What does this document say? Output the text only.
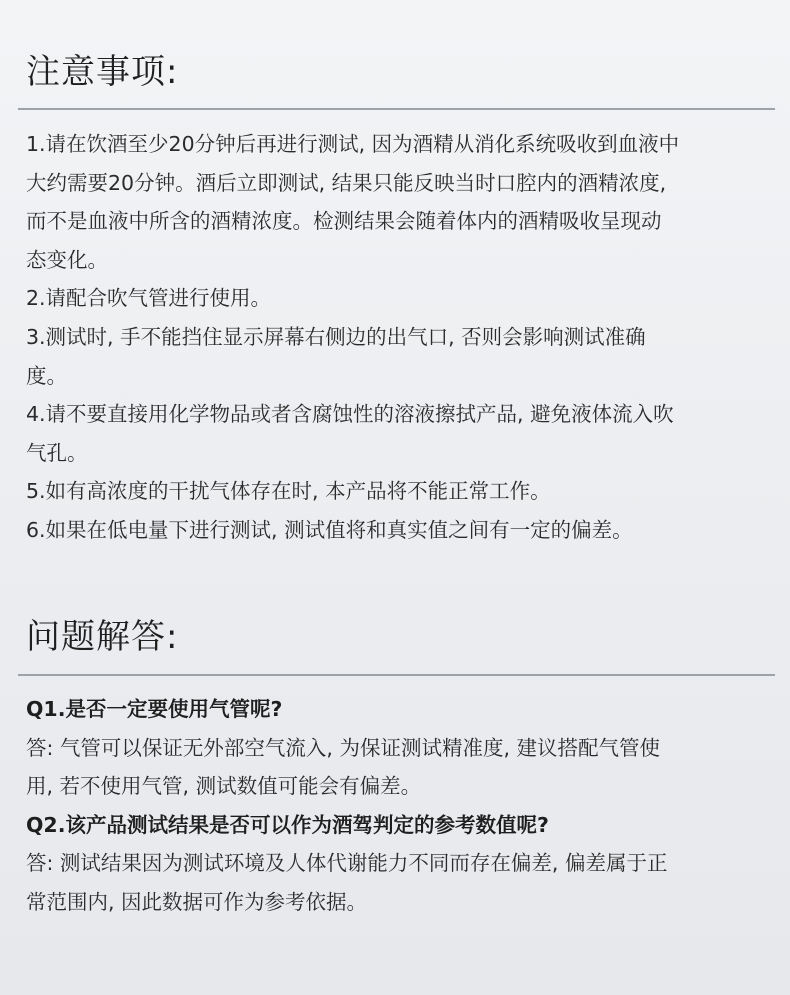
注意事项:
1.请在饮酒至少20分钟后再进行测试, 因为酒精从消化系统吸收到血液中
大约需要20分钟。酒后立即测试, 结果只能反映当时口腔内的酒精浓度,
而不是血液中所含的酒精浓度。检测结果会随着体内的酒精吸收呈现动
态变化。
2.请配合吹气管进行使用。
3.测试时, 手不能挡住显示屏幕右侧边的出气口, 否则会影响测试准确
度。
4.请不要直接用化学物品或者含腐蚀性的溶液擦拭产品, 避免液体流入吹
气孔。
5.如有高浓度的干扰气体存在时, 本产品将不能正常工作。
6.如果在低电量下进行测试, 测试值将和真实值之间有一定的偏差。
问题解答:
Q1.是否一定要使用气管呢?
答: 气管可以保证无外部空气流入, 为保证测试精准度, 建议搭配气管使
用, 若不使用气管, 测试数值可能会有偏差。
Q2.该产品测试结果是否可以作为酒驾判定的参考数值呢?
答: 测试结果因为测试环境及人体代谢能力不同而存在偏差, 偏差属于正
常范围内, 因此数据可作为参考依据。
